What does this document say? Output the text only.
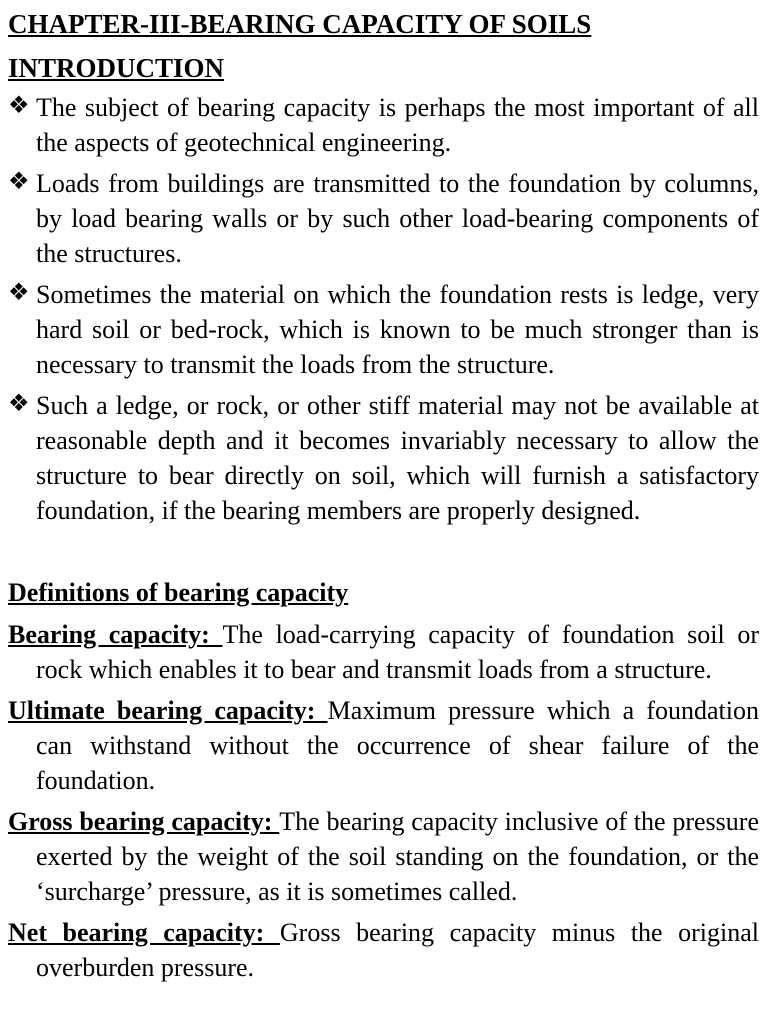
CHAPTER-III-BEARING CAPACITY OF SOILS
INTRODUCTION
❖ The subject of bearing capacity is perhaps the most important of all the aspects of geotechnical engineering.
❖ Loads from buildings are transmitted to the foundation by columns, by load bearing walls or by such other load-bearing components of the structures.
❖ Sometimes the material on which the foundation rests is ledge, very hard soil or bed-rock, which is known to be much stronger than is necessary to transmit the loads from the structure.
❖ Such a ledge, or rock, or other stiff material may not be available at reasonable depth and it becomes invariably necessary to allow the structure to bear directly on soil, which will furnish a satisfactory foundation, if the bearing members are properly designed.
Definitions of bearing capacity
Bearing capacity: The load-carrying capacity of foundation soil or rock which enables it to bear and transmit loads from a structure.
Ultimate bearing capacity: Maximum pressure which a foundation can withstand without the occurrence of shear failure of the foundation.
Gross bearing capacity: The bearing capacity inclusive of the pressure exerted by the weight of the soil standing on the foundation, or the ‘surcharge’ pressure, as it is sometimes called.
Net bearing capacity: Gross bearing capacity minus the original overburden pressure.
